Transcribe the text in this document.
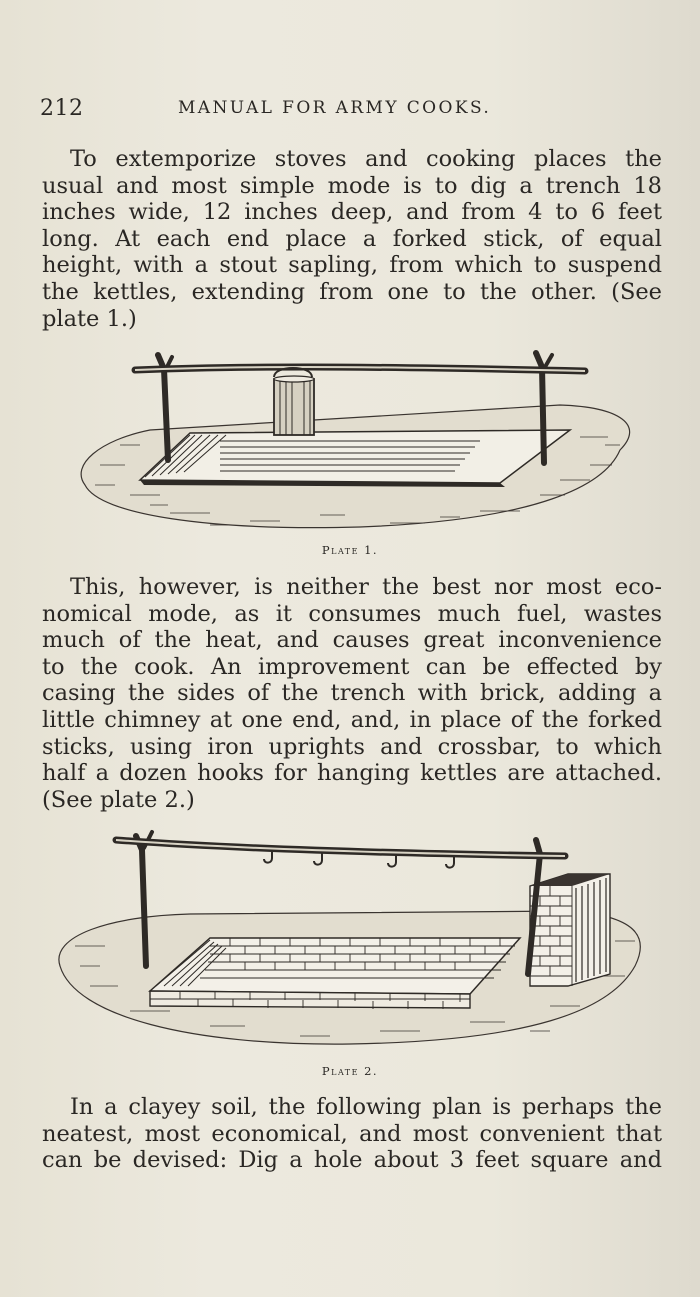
212	MANUAL FOR ARMY COOKS.

To extemporize stoves and cooking places the
usual and most simple mode is to dig a trench 18
inches wide, 12 inches deep, and from 4 to 6 feet
long. At each end place a forked stick, of equal
height, with a stout sapling, from which to suspend
the kettles, extending from one to the other. (See
plate 1.)

Plate 1.

This, however, is neither the best nor most eco-
nomical mode, as it consumes much fuel, wastes
much of the heat, and causes great inconvenience
to the cook. An improvement can be effected by
casing the sides of the trench with brick, adding a
little chimney at one end, and, in place of the forked
sticks, using iron uprights and crossbar, to which
half a dozen hooks for hanging kettles are attached.
(See plate 2.)

Plate 2.

In a clayey soil, the following plan is perhaps the
neatest, most economical, and most convenient that
can be devised: Dig a hole about 3 feet square and
